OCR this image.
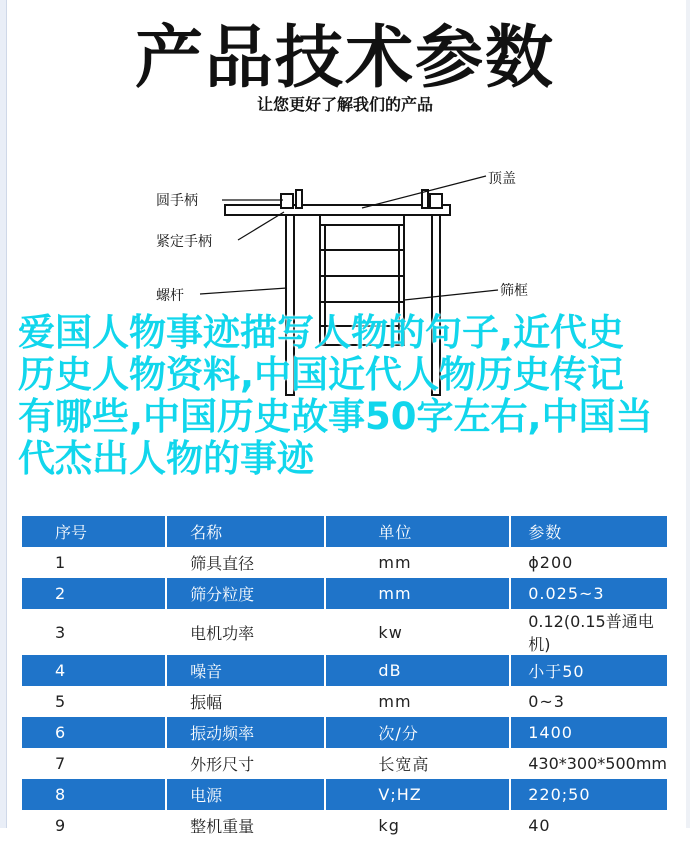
产品技术参数
让您更好了解我们的产品
顶盖
圆手柄
紧定手柄
螺杆	筛框
爱国人物事迹描写人物的句子,近代史历史人物资料,中国近代人物历史传记有哪些,中国历史故事50字左右,中国当代杰出人物的事迹
序号	名称	单位	参数
1	筛具直径	mm	ϕ200
2	筛分粒度	mm	0.025~3
3	电机功率	kw	0.12(0.15普通电机)
4	噪音	dB	小于50
5	振幅	mm	0~3
6	振动频率	次/分	1400
7	外形尺寸	长宽高	430*300*500mm
8	电源	V;HZ	220;50
9	整机重量	kg	40
